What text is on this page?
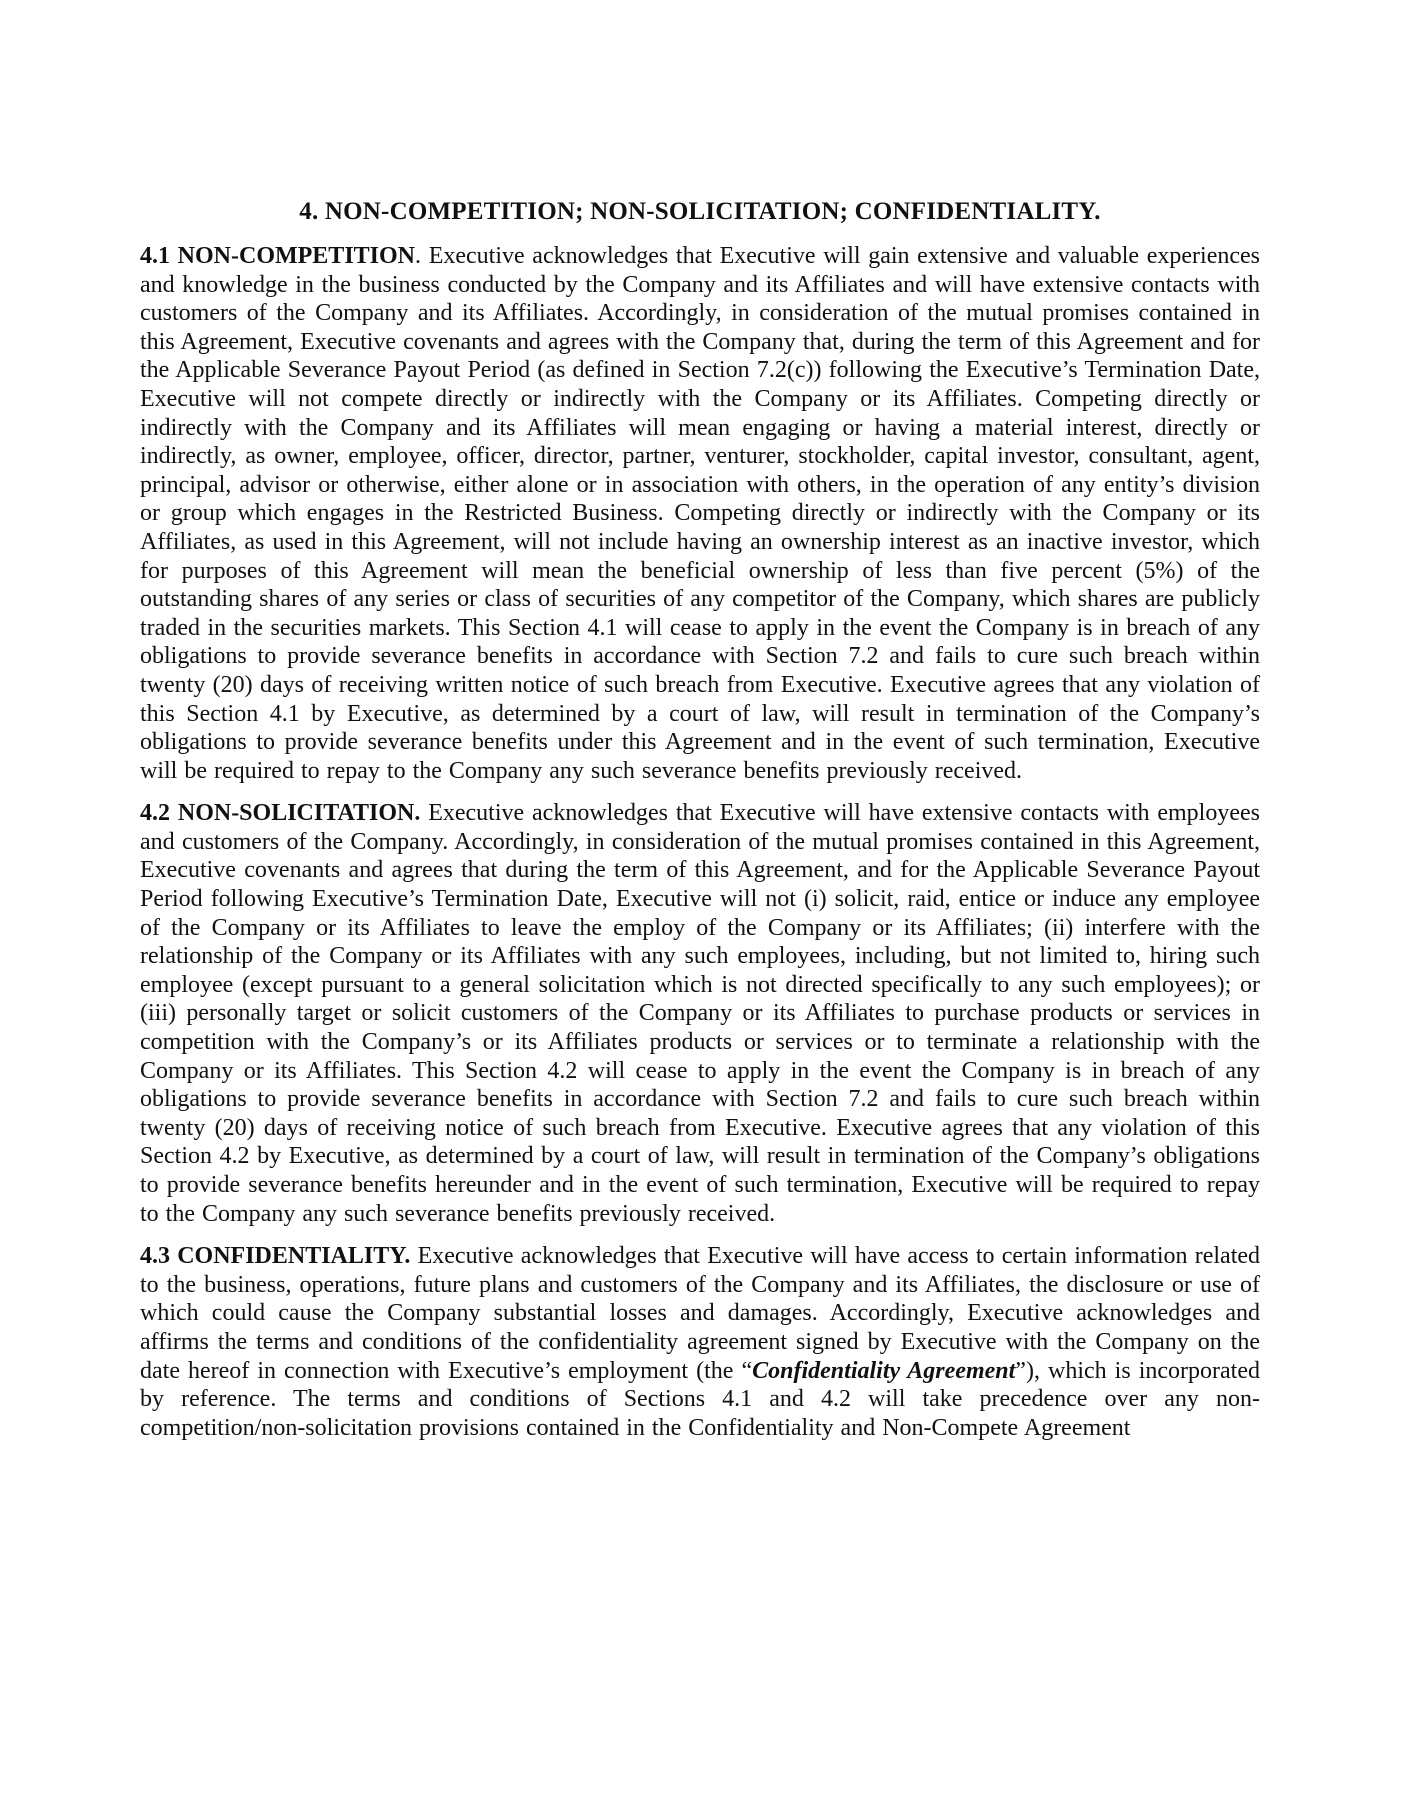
4. NON-COMPETITION; NON-SOLICITATION; CONFIDENTIALITY.

4.1 NON-COMPETITION. Executive acknowledges that Executive will gain extensive and valuable experiences and knowledge in the business conducted by the Company and its Affiliates and will have extensive contacts with customers of the Company and its Affiliates. Accordingly, in consideration of the mutual promises contained in this Agreement, Executive covenants and agrees with the Company that, during the term of this Agreement and for the Applicable Severance Payout Period (as defined in Section 7.2(c)) following the Executive’s Termination Date, Executive will not compete directly or indirectly with the Company or its Affiliates. Competing directly or indirectly with the Company and its Affiliates will mean engaging or having a material interest, directly or indirectly, as owner, employee, officer, director, partner, venturer, stockholder, capital investor, consultant, agent, principal, advisor or otherwise, either alone or in association with others, in the operation of any entity’s division or group which engages in the Restricted Business. Competing directly or indirectly with the Company or its Affiliates, as used in this Agreement, will not include having an ownership interest as an inactive investor, which for purposes of this Agreement will mean the beneficial ownership of less than five percent (5%) of the outstanding shares of any series or class of securities of any competitor of the Company, which shares are publicly traded in the securities markets. This Section 4.1 will cease to apply in the event the Company is in breach of any obligations to provide severance benefits in accordance with Section 7.2 and fails to cure such breach within twenty (20) days of receiving written notice of such breach from Executive. Executive agrees that any violation of this Section 4.1 by Executive, as determined by a court of law, will result in termination of the Company’s obligations to provide severance benefits under this Agreement and in the event of such termination, Executive will be required to repay to the Company any such severance benefits previously received.

4.2 NON-SOLICITATION. Executive acknowledges that Executive will have extensive contacts with employees and customers of the Company. Accordingly, in consideration of the mutual promises contained in this Agreement, Executive covenants and agrees that during the term of this Agreement, and for the Applicable Severance Payout Period following Executive’s Termination Date, Executive will not (i) solicit, raid, entice or induce any employee of the Company or its Affiliates to leave the employ of the Company or its Affiliates; (ii) interfere with the relationship of the Company or its Affiliates with any such employees, including, but not limited to, hiring such employee (except pursuant to a general solicitation which is not directed specifically to any such employees); or (iii) personally target or solicit customers of the Company or its Affiliates to purchase products or services in competition with the Company’s or its Affiliates products or services or to terminate a relationship with the Company or its Affiliates. This Section 4.2 will cease to apply in the event the Company is in breach of any obligations to provide severance benefits in accordance with Section 7.2 and fails to cure such breach within twenty (20) days of receiving notice of such breach from Executive. Executive agrees that any violation of this Section 4.2 by Executive, as determined by a court of law, will result in termination of the Company’s obligations to provide severance benefits hereunder and in the event of such termination, Executive will be required to repay to the Company any such severance benefits previously received.

4.3 CONFIDENTIALITY. Executive acknowledges that Executive will have access to certain information related to the business, operations, future plans and customers of the Company and its Affiliates, the disclosure or use of which could cause the Company substantial losses and damages. Accordingly, Executive acknowledges and affirms the terms and conditions of the confidentiality agreement signed by Executive with the Company on the date hereof in connection with Executive’s employment (the “Confidentiality Agreement”), which is incorporated by reference. The terms and conditions of Sections 4.1 and 4.2 will take precedence over any non-competition/non-solicitation provisions contained in the Confidentiality and Non-Compete Agreement
